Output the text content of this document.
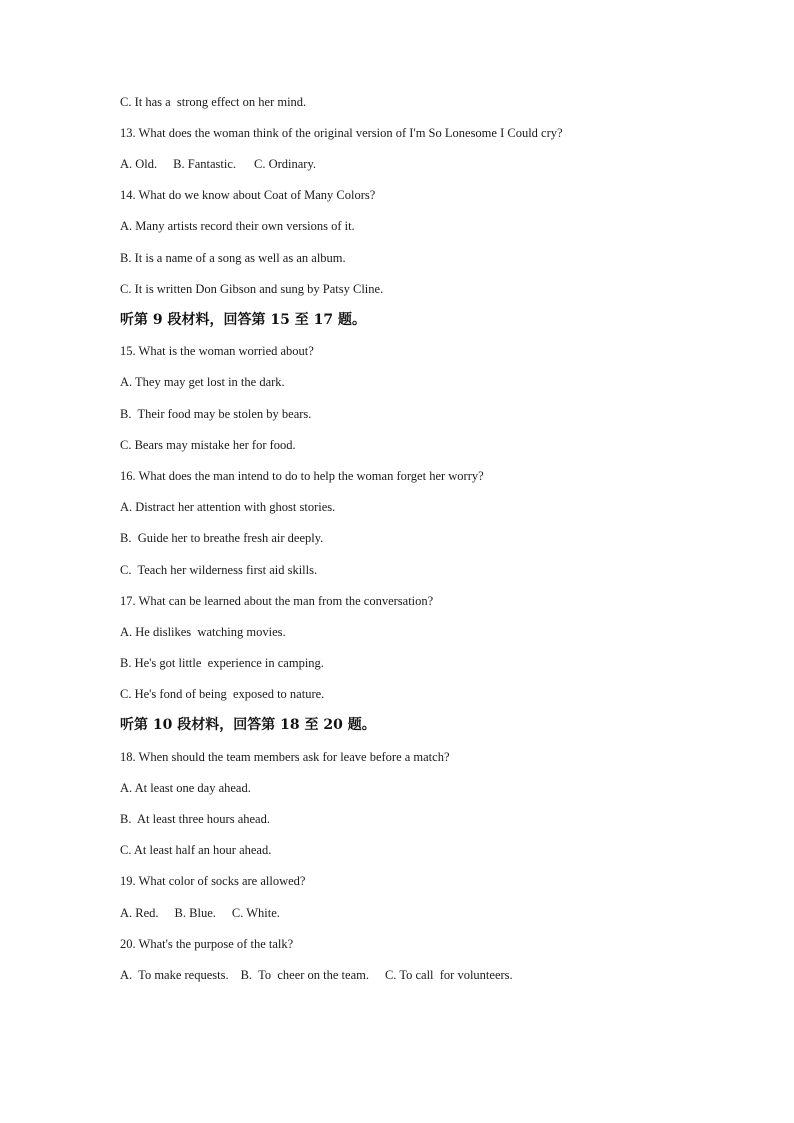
C. It has a  strong effect on her mind.
13. What does the woman think of the original version of I'm So Lonesome I Could cry?
A. Old. B. Fantastic. C. Ordinary.
14. What do we know about Coat of Many Colors?
A. Many artists record their own versions of it.
B. It is a name of a song as well as an album.
C. It is written Don Gibson and sung by Patsy Cline.
听第 9 段材料，回答第 15 至 17 题。
15. What is the woman worried about?
A. They may get lost in the dark.
B.  Their food may be stolen by bears.
C. Bears may mistake her for food.
16. What does the man intend to do to help the woman forget her worry?
A. Distract her attention with ghost stories.
B.  Guide her to breathe fresh air deeply.
C.  Teach her wilderness first aid skills.
17. What can be learned about the man from the conversation?
A. He dislikes  watching movies.
B. He's got little  experience in camping.
C. He's fond of being  exposed to nature.
听第 10 段材料，回答第 18 至 20 题。
18. When should the team members ask for leave before a match?
A. At least one day ahead.
B.  At least three hours ahead.
C. At least half an hour ahead.
19. What color of socks are allowed?
A. Red. B. Blue. C. White.
20. What's the purpose of the talk?
A.  To make requests. B.  To  cheer on the team. C. To call  for volunteers.
